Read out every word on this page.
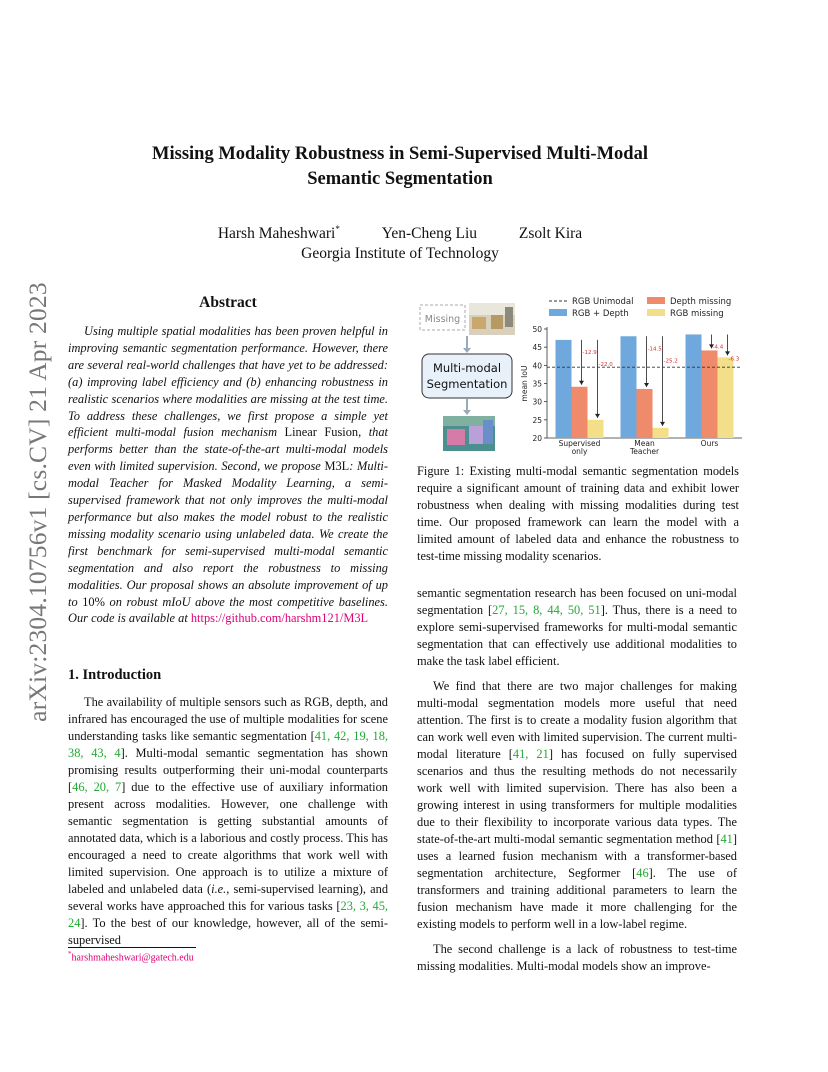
arXiv:2304.10756v1 [cs.CV] 21 Apr 2023
Missing Modality Robustness in Semi-Supervised Multi-Modal
Semantic Segmentation
Harsh Maheshwari*	Yen-Cheng Liu	Zsolt Kira
Georgia Institute of Technology
Abstract

Using multiple spatial modalities has been proven helpful in improving semantic segmentation performance. However, there are several real-world challenges that have yet to be addressed: (a) improving label efficiency and (b) enhancing robustness in realistic scenarios where modalities are missing at the test time. To address these challenges, we first propose a simple yet efficient multi-modal fusion mechanism Linear Fusion, that performs better than the state-of-the-art multi-modal models even with limited supervision. Second, we propose M3L: Multi-modal Teacher for Masked Modality Learning, a semi-supervised framework that not only improves the multi-modal performance but also makes the model robust to the realistic missing modality scenario using unlabeled data. We create the first benchmark for semi-supervised multi-modal semantic segmentation and also report the robustness to missing modalities. Our proposal shows an absolute improvement of up to 10% on robust mIoU above the most competitive baselines. Our code is available at https://github.com/harshm121/M3L

1. Introduction

The availability of multiple sensors such as RGB, depth, and infrared has encouraged the use of multiple modalities for scene understanding tasks like semantic segmentation [41, 42, 19, 18, 38, 43, 4]. Multi-modal semantic segmentation has shown promising results outperforming their uni-modal counterparts [46, 20, 7] due to the effective use of auxiliary information present across modalities. However, one challenge with semantic segmentation is getting substantial amounts of annotated data, which is a laborious and costly process. This has encouraged a need to create algorithms that work well with limited supervision. One approach is to utilize a mixture of labeled and unlabeled data (i.e., semi-supervised learning), and several works have approached this for various tasks [23, 3, 45, 24]. To the best of our knowledge, however, all of the semi-supervised

*harshmaheshwari@gatech.edu
Missing
Multi-modal
Segmentation
RGB Unimodal
RGB + Depth
Depth missing
RGB missing
20
25
30
35
40
45
50
mean IoU
-12.9
-22.0
Supervised
only
-14.5
-25.2
Mean
Teacher
-4.4
-6.3
Ours
Figure 1: Existing multi-modal semantic segmentation models require a significant amount of training data and exhibit lower robustness when dealing with missing modalities during test time. Our proposed framework can learn the model with a limited amount of labeled data and enhance the robustness to test-time missing modality scenarios.

semantic segmentation research has been focused on uni-modal segmentation [27, 15, 8, 44, 50, 51]. Thus, there is a need to explore semi-supervised frameworks for multi-modal semantic segmentation that can effectively use additional modalities to make the task label efficient.

We find that there are two major challenges for making multi-modal segmentation models more useful that need attention. The first is to create a modality fusion algorithm that can work well even with limited supervision. The current multi-modal literature [41, 21] has focused on fully supervised scenarios and thus the resulting methods do not necessarily work well with limited supervision. There has also been a growing interest in using transformers for multiple modalities due to their flexibility to incorporate various data types. The state-of-the-art multi-modal semantic segmentation method [41] uses a learned fusion mechanism with a transformer-based segmentation architecture, Segformer [46]. The use of transformers and training additional parameters to learn the fusion mechanism have made it more challenging for the existing models to perform well in a low-label regime.

The second challenge is a lack of robustness to test-time missing modalities. Multi-modal models show an improve-
